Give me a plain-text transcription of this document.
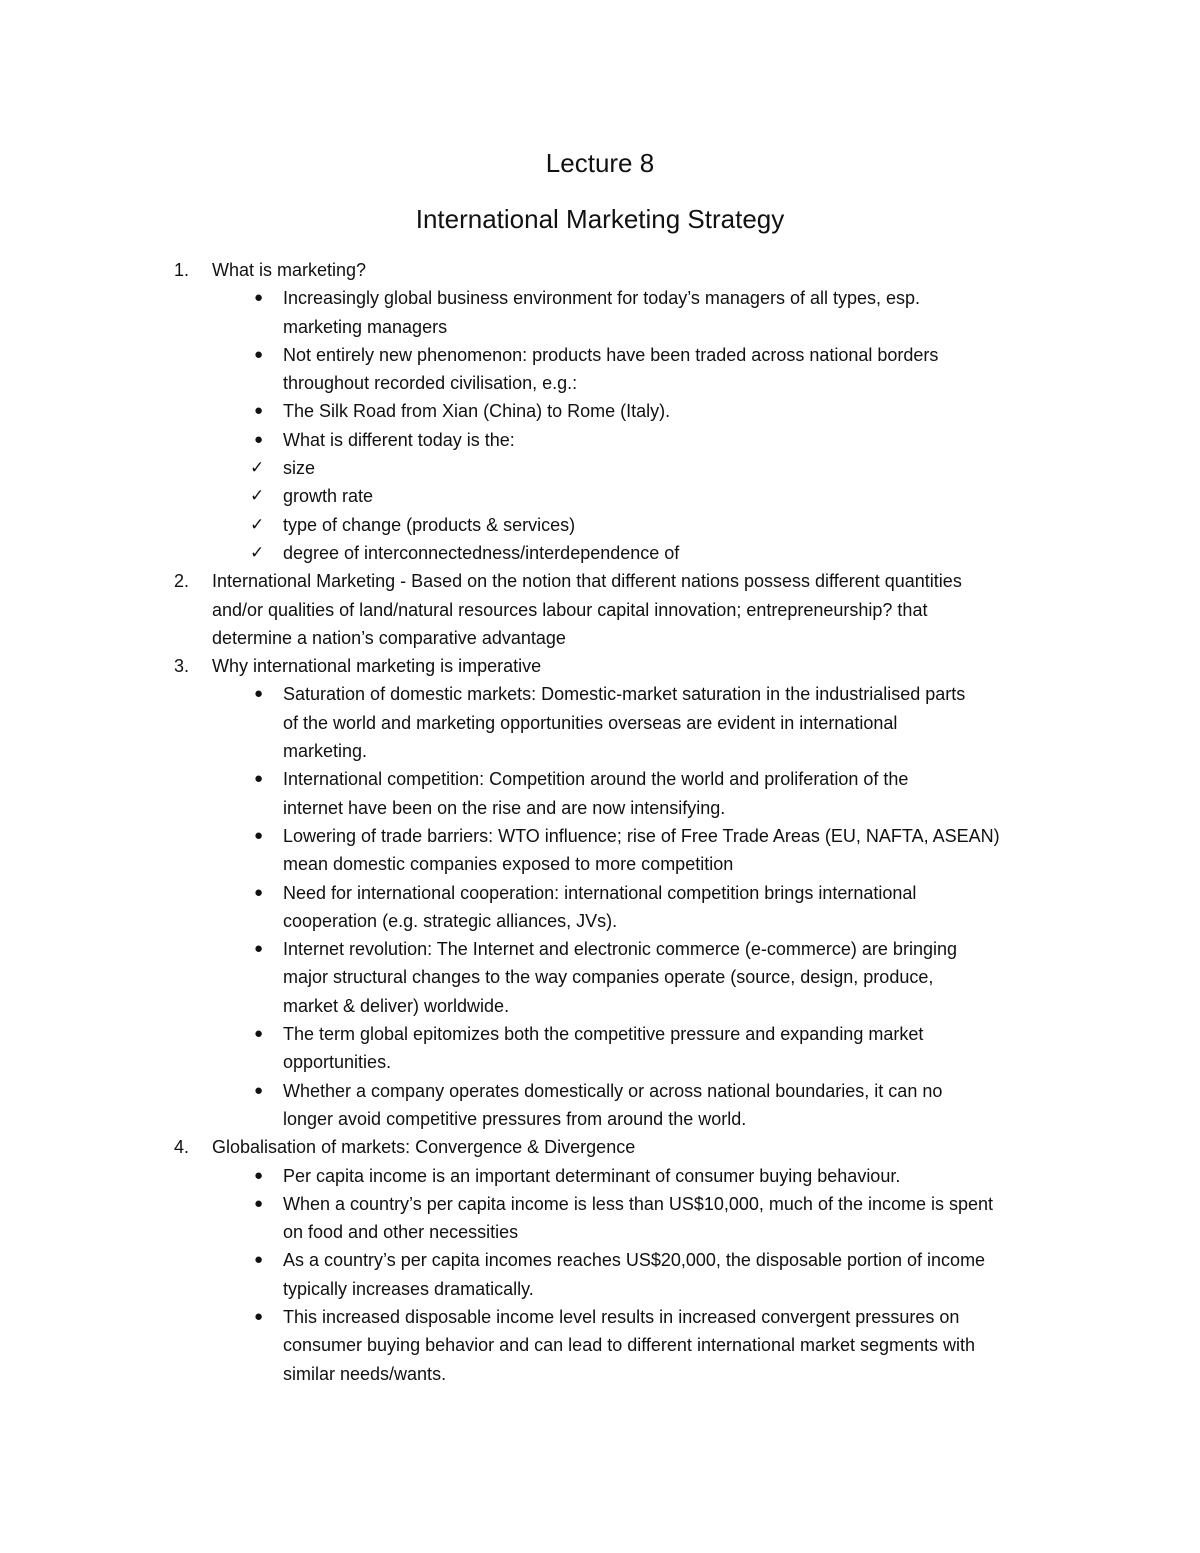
Lecture 8
International Marketing Strategy
1. What is marketing?
● Increasingly global business environment for today’s managers of all types, esp.
marketing managers
● Not entirely new phenomenon: products have been traded across national borders
throughout recorded civilisation, e.g.:
● The Silk Road from Xian (China) to Rome (Italy).
● What is different today is the:
✓ size
✓ growth rate
✓ type of change (products & services)
✓ degree of interconnectedness/interdependence of
2. International Marketing - Based on the notion that different nations possess different quantities
and/or qualities of land/natural resources labour capital innovation; entrepreneurship? that
determine a nation’s comparative advantage
3. Why international marketing is imperative
● Saturation of domestic markets: Domestic-market saturation in the industrialised parts
of the world and marketing opportunities overseas are evident in international
marketing.
● International competition: Competition around the world and proliferation of the
internet have been on the rise and are now intensifying.
● Lowering of trade barriers: WTO influence; rise of Free Trade Areas (EU, NAFTA, ASEAN)
mean domestic companies exposed to more competition
● Need for international cooperation: international competition brings international
cooperation (e.g. strategic alliances, JVs).
● Internet revolution: The Internet and electronic commerce (e-commerce) are bringing
major structural changes to the way companies operate (source, design, produce,
market & deliver) worldwide.
● The term global epitomizes both the competitive pressure and expanding market
opportunities.
● Whether a company operates domestically or across national boundaries, it can no
longer avoid competitive pressures from around the world.
4. Globalisation of markets: Convergence & Divergence
● Per capita income is an important determinant of consumer buying behaviour.
● When a country’s per capita income is less than US$10,000, much of the income is spent
on food and other necessities
● As a country’s per capita incomes reaches US$20,000, the disposable portion of income
typically increases dramatically.
● This increased disposable income level results in increased convergent pressures on
consumer buying behavior and can lead to different international market segments with
similar needs/wants.
